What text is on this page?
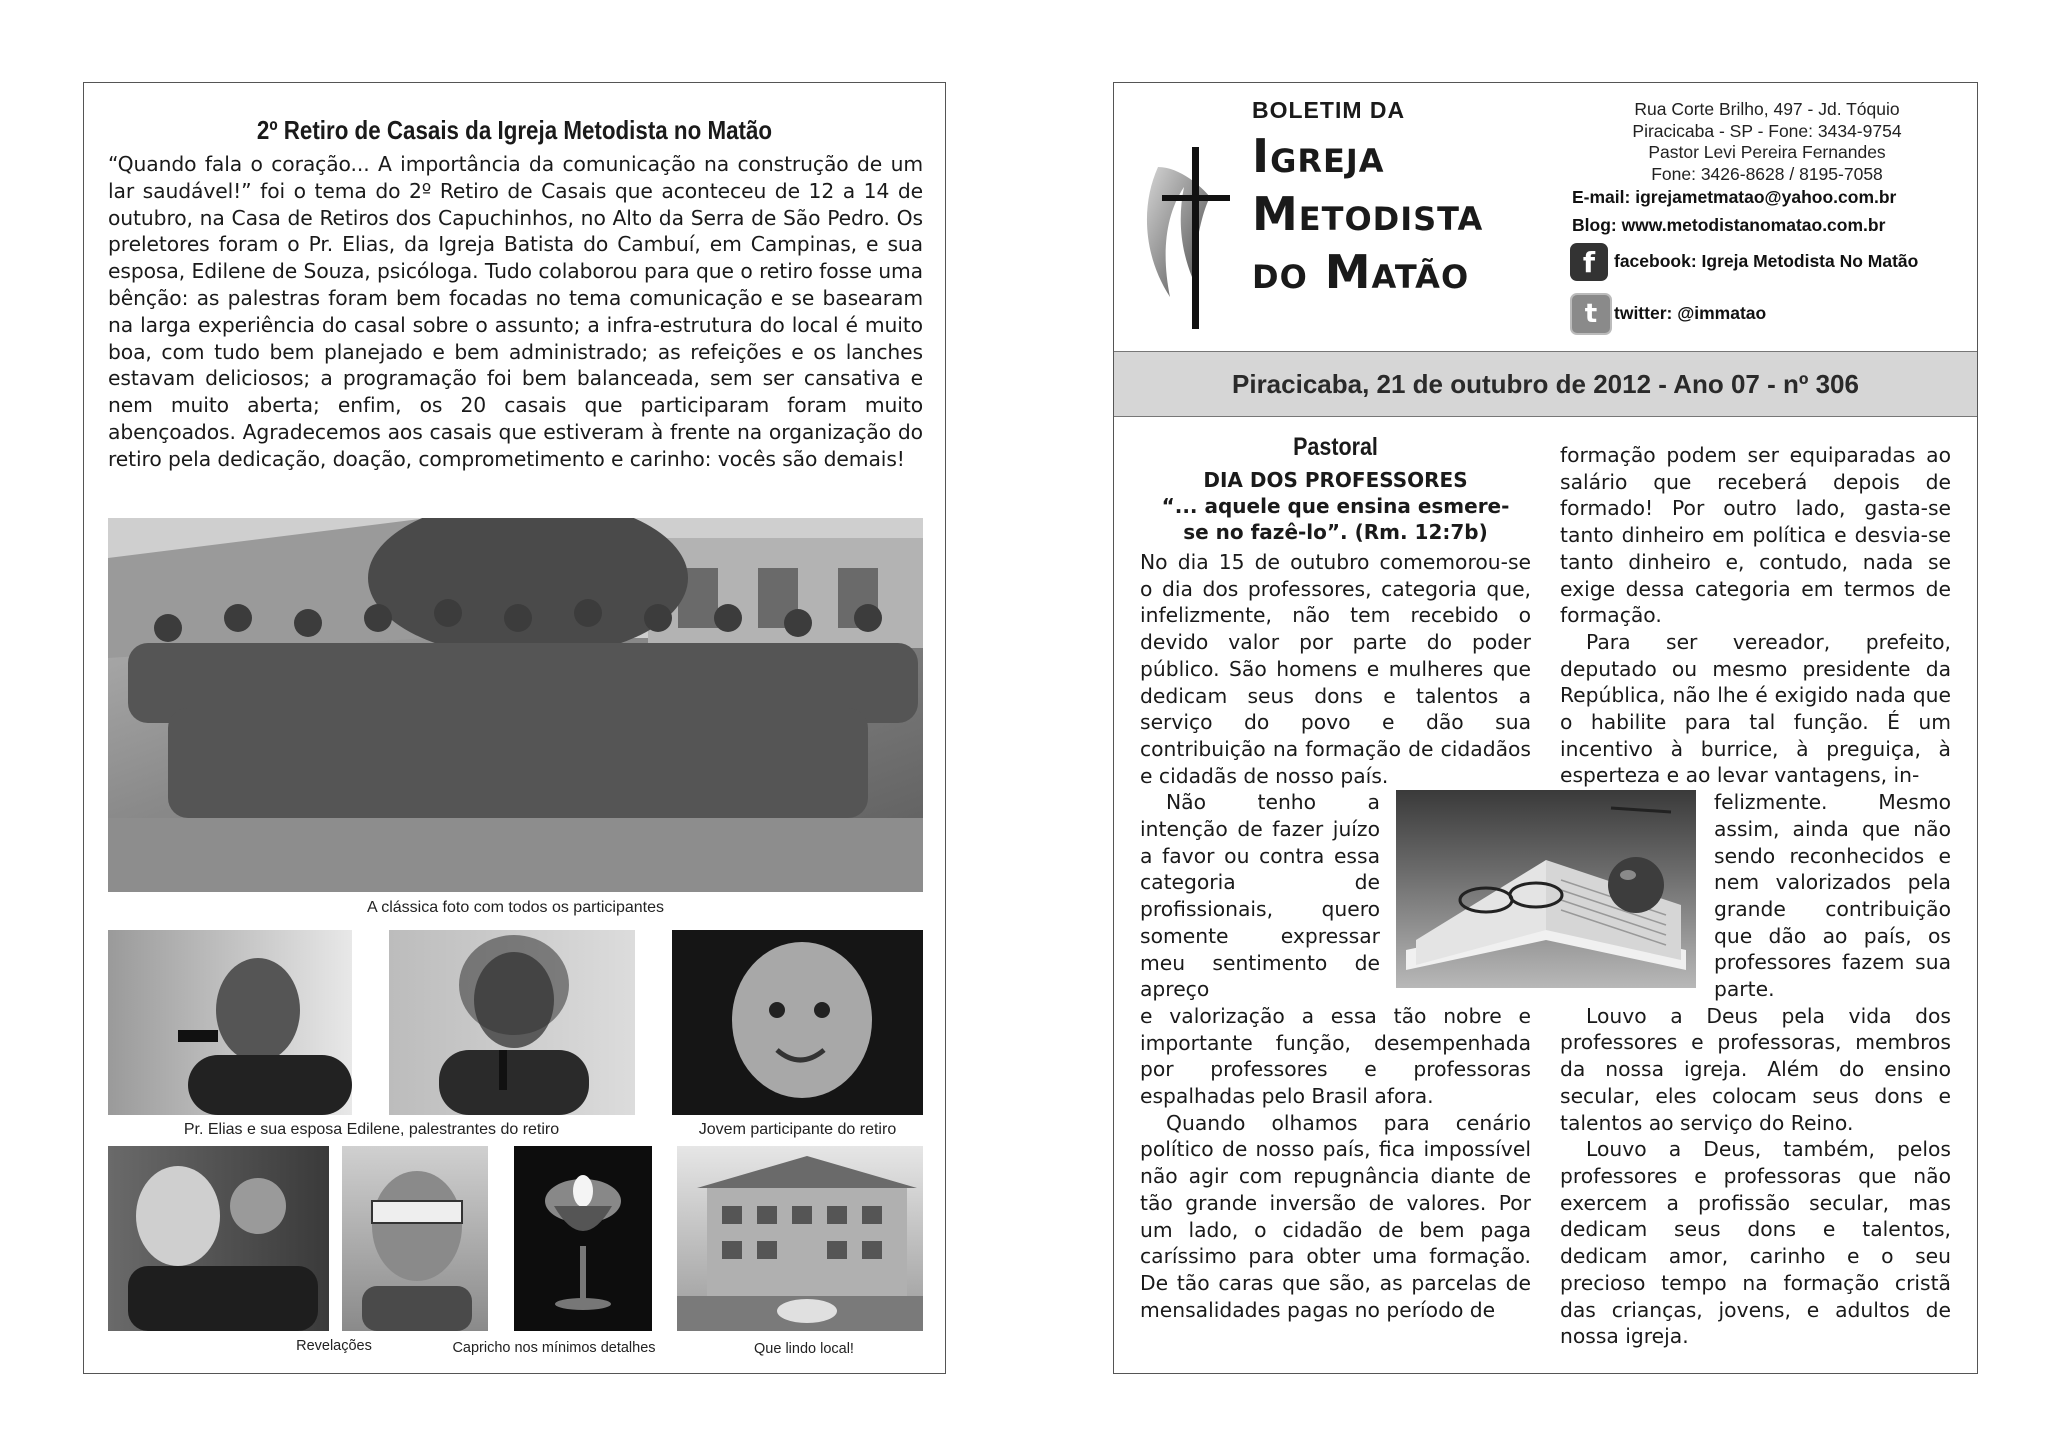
2º Retiro de Casais da Igreja Metodista no Matão

“Quando fala o coração... A importância da comunicação na construção de um lar saudável!” foi o tema do 2º Retiro de Casais que aconteceu de 12 a 14 de outubro, na Casa de Retiros dos Capuchinhos, no Alto da Serra de São Pedro. Os preletores foram o Pr. Elias, da Igreja Batista do Cambuí, em Campinas, e sua esposa, Edilene de Souza, psicóloga. Tudo colaborou para que o retiro fosse uma bênção: as palestras foram bem focadas no tema comunicação e se basearam na larga experiência do casal sobre o assunto; a infra-estrutura do local é muito boa, com tudo bem planejado e bem administrado; as refeições e os lanches estavam deliciosos; a programação foi bem balanceada, sem ser cansativa e nem muito aberta; enfim, os 20 casais que participaram foram muito abençoados. Agradecemos aos casais que estiveram à frente na organização do retiro pela dedicação, doação, comprometimento e carinho: vocês são demais!

A clássica foto com todos os participantes
Pr. Elias e sua esposa Edilene, palestrantes do retiro	Jovem participante do retiro
Revelações	Capricho nos mínimos detalhes	Que lindo local!
BOLETIM DA
Igreja
Metodista
do Matão
Rua Corte Brilho, 497 - Jd. Tóquio
Piracicaba - SP - Fone: 3434-9754
Pastor Levi Pereira Fernandes
Fone: 3426-8628 / 8195-7058
E-mail: igrejametmatao@yahoo.com.br
Blog: www.metodistanomatao.com.br
f	facebook: Igreja Metodista No Matão
t twitter: @immatao
Piracicaba, 21 de outubro de 2012 - Ano 07 - nº 306
Pastoral
DIA DOS PROFESSORES
“... aquele que ensina esmere-se no fazê-lo”. (Rm. 12:7b)

No dia 15 de outubro comemorou-se o dia dos professores, categoria que, infelizmente, não tem recebido o devido valor por parte do poder público. São homens e mulheres que dedicam seus dons e talentos a serviço do povo e dão sua contribuição na formação de cidadãos e cidadãs de nosso país.

Não tenho a intenção de fazer juízo a favor ou contra essa categoria de profissionais, quero somente expressar meu sentimento de apreço

e valorização a essa tão nobre e importante função, desempenhada por professores e professoras espalhadas pelo Brasil afora.

Quando olhamos para cenário político de nosso país, fica impossível não agir com repugnância diante de tão grande inversão de valores. Por um lado, o cidadão de bem paga caríssimo para obter uma formação. De tão caras que são, as parcelas de mensalidades pagas no período de

formação podem ser equiparadas ao salário que receberá depois de formado! Por outro lado, gasta-se tanto dinheiro em política e desvia-se tanto dinheiro e, contudo, nada se exige dessa categoria em termos de formação.

Para ser vereador, prefeito, deputado ou mesmo presidente da República, não lhe é exigido nada que o habilite para tal função. É um incentivo à burrice, à preguiça, à esperteza e ao levar vantagens, in-

felizmente. Mesmo assim, ainda que não sendo reconhecidos e nem valorizados pela grande contribuição que dão ao país, os professores fazem sua parte.

Louvo a Deus pela vida dos professores e professoras, membros da nossa igreja. Além do ensino secular, eles colocam seus dons e talentos ao serviço do Reino.

Louvo a Deus, também, pelos professores e professoras que não exercem a profissão secular, mas dedicam seus dons e talentos, dedicam amor, carinho e o seu precioso tempo na formação cristã das crianças, jovens, e adultos de nossa igreja.
